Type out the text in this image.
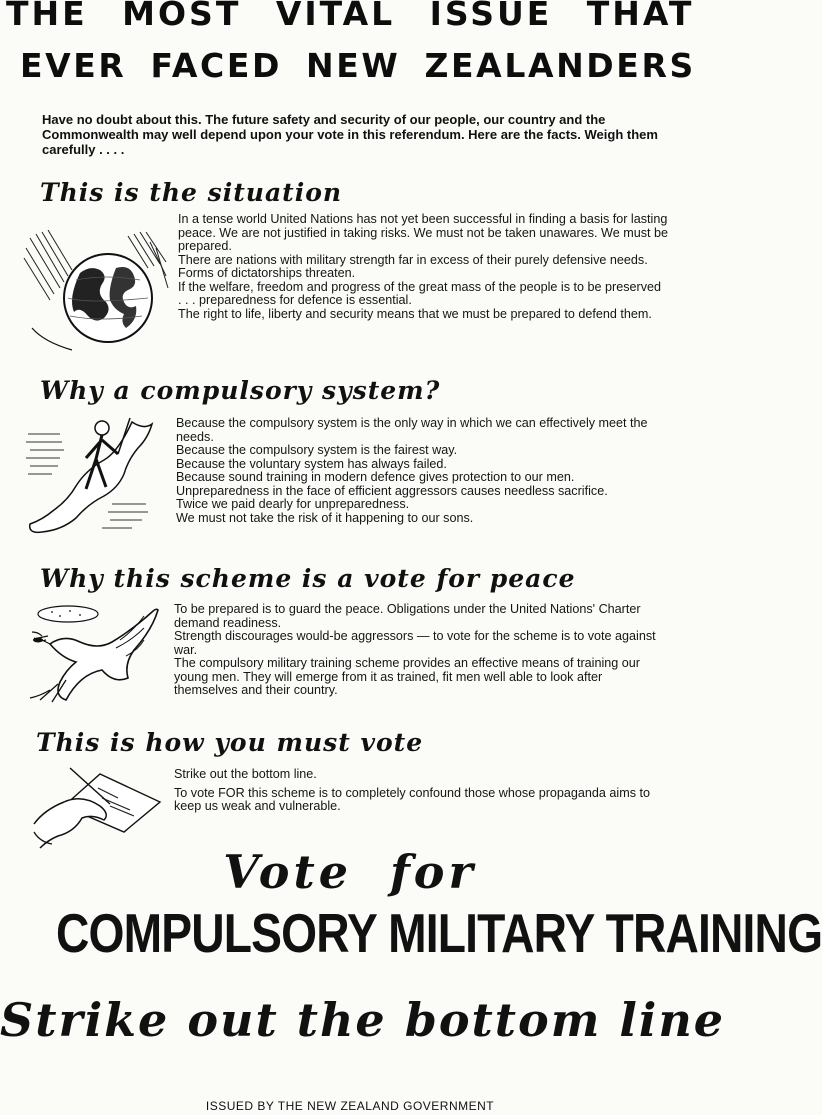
THE MOST VITAL ISSUE THAT
EVER FACED NEW ZEALANDERS
Have no doubt about this. The future safety and security of our people, our country and the Commonwealth may well depend upon your vote in this referendum. Here are the facts. Weigh them carefully . . . .
This is the situation

In a tense world United Nations has not yet been successful in finding a basis for lasting peace. We are not justified in taking risks. We must not be taken unawares. We must be prepared.

There are nations with military strength far in excess of their purely defensive needs. Forms of dictatorships threaten.

If the welfare, freedom and progress of the great mass of the people is to be preserved . . . preparedness for defence is essential.

The right to life, liberty and security means that we must be prepared to defend them.

Why a compulsory system?

Because the compulsory system is the only way in which we can effectively meet the needs.

Because the compulsory system is the fairest way.

Because the voluntary system has always failed.

Because sound training in modern defence gives protection to our men. Unpreparedness in the face of efficient aggressors causes needless sacrifice.

Twice we paid dearly for unpreparedness.

We must not take the risk of it happening to our sons.

Why this scheme is a vote for peace

To be prepared is to guard the peace. Obligations under the United Nations' Charter demand readiness.

Strength discourages would-be aggressors — to vote for the scheme is to vote against war.

The compulsory military training scheme provides an effective means of training our young men. They will emerge from it as trained, fit men well able to look after themselves and their country.

This is how you must vote

Strike out the bottom line.

To vote FOR this scheme is to completely confound those whose propaganda aims to keep us weak and vulnerable.

Vote for
COMPULSORY MILITARY TRAINING
Strike out the bottom line
ISSUED BY THE NEW ZEALAND GOVERNMENT
